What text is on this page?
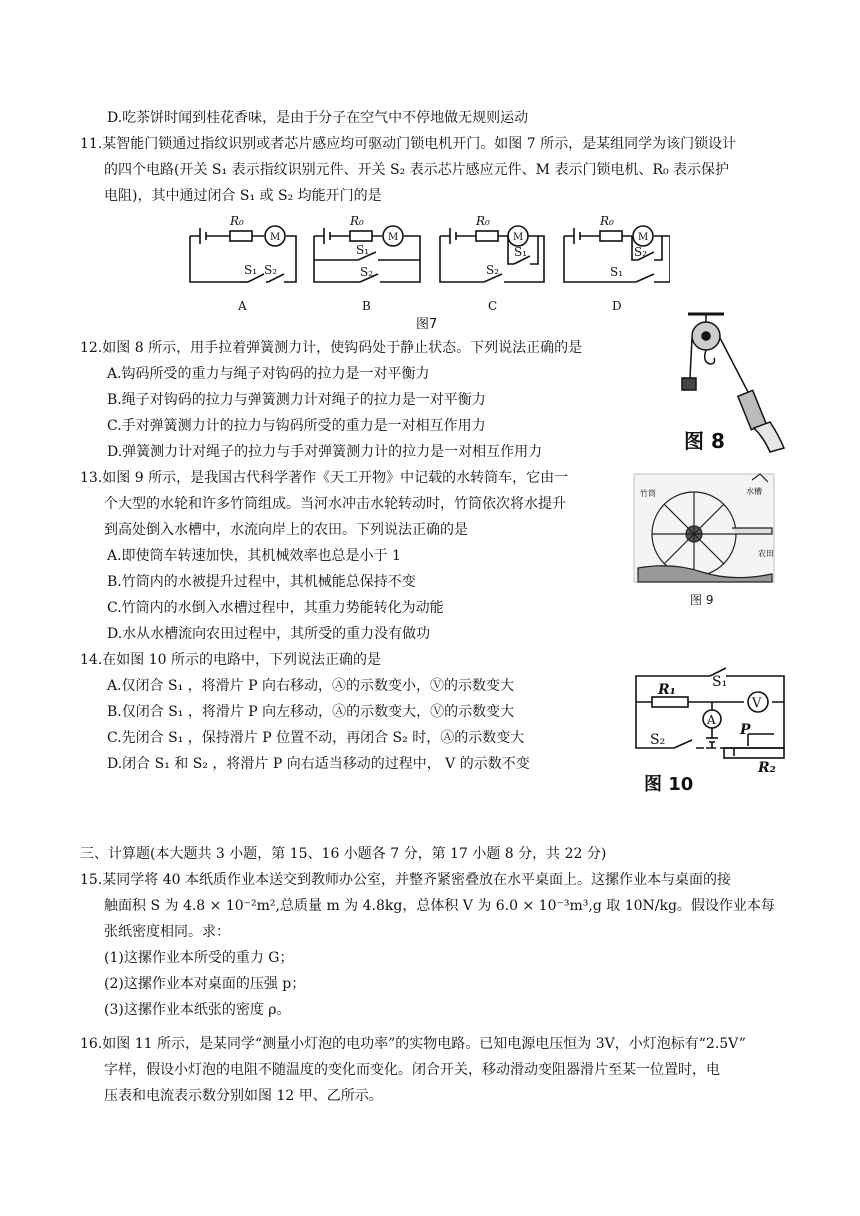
D.吃茶饼时闻到桂花香味，是由于分子在空气中不停地做无规则运动
11.某智能门锁通过指纹识别或者芯片感应均可驱动门锁电机开门。如图 7 所示，是某组同学为该门锁设计
的四个电路(开关 S₁ 表示指纹识别元件、开关 S₂ 表示芯片感应元件、M 表示门锁电机、R₀ 表示保护
电阻)，其中通过闭合 S₁ 或 S₂ 均能开门的是
R₀
M
S₁ S₂
R₀
M
S₁
S₂
R₀
M
S₁
S₂
R₀
M
S₂
S₁
A	B	C	D
图7
12.如图 8 所示，用手拉着弹簧测力计，使钩码处于静止状态。下列说法正确的是
A.钩码所受的重力与绳子对钩码的拉力是一对平衡力
B.绳子对钩码的拉力与弹簧测力计对绳子的拉力是一对平衡力
C.手对弹簧测力计的拉力与钩码所受的重力是一对相互作用力
D.弹簧测力计对绳子的拉力与手对弹簧测力计的拉力是一对相互作用力	图 8
13.如图 9 所示，是我国古代科学著作《天工开物》中记载的水转筒车，它由一
个大型的水轮和许多竹筒组成。当河水冲击水轮转动时，竹筒依次将水提升
到高处倒入水槽中，水流向岸上的农田。下列说法正确的是
A.即使筒车转速加快，其机械效率也总是小于 1
B.竹筒内的水被提升过程中，其机械能总保持不变
C.竹筒内的水倒入水槽过程中，其重力势能转化为动能
D.水从水槽流向农田过程中，其所受的重力没有做功
竹筒	水槽
农田
图 9
14.在如图 10 所示的电路中，下列说法正确的是
A.仅闭合 S₁ ，将滑片 P 向右移动，Ⓐ的示数变小，Ⓥ的示数变大
B.仅闭合 S₁ ，将滑片 P 向左移动，Ⓐ的示数变大，Ⓥ的示数变大
C.先闭合 S₁ ，保持滑片 P 位置不动，再闭合 S₂ 时，Ⓐ的示数变大
D.闭合 S₁ 和 S₂ ，将滑片 P 向右适当移动的过程中， V 的示数不变
R₁	S₁
V
A
S₂
P
R₂
图 10
三、计算题(本大题共 3 小题，第 15、16 小题各 7 分，第 17 小题 8 分，共 22 分)
15.某同学将 40 本纸质作业本送交到教师办公室，并整齐紧密叠放在水平桌面上。这摞作业本与桌面的接
触面积 S 为 4.8 × 10⁻²m²,总质量 m 为 4.8kg，总体积 V 为 6.0 × 10⁻³m³,g 取 10N/kg。假设作业本每
张纸密度相同。求：
(1)这摞作业本所受的重力 G；
(2)这摞作业本对桌面的压强 p；
(3)这摞作业本纸张的密度 ρ。
16.如图 11 所示，是某同学“测量小灯泡的电功率”的实物电路。已知电源电压恒为 3V，小灯泡标有“2.5V”
字样，假设小灯泡的电阻不随温度的变化而变化。闭合开关，移动滑动变阻器滑片至某一位置时，电
压表和电流表示数分别如图 12 甲、乙所示。
